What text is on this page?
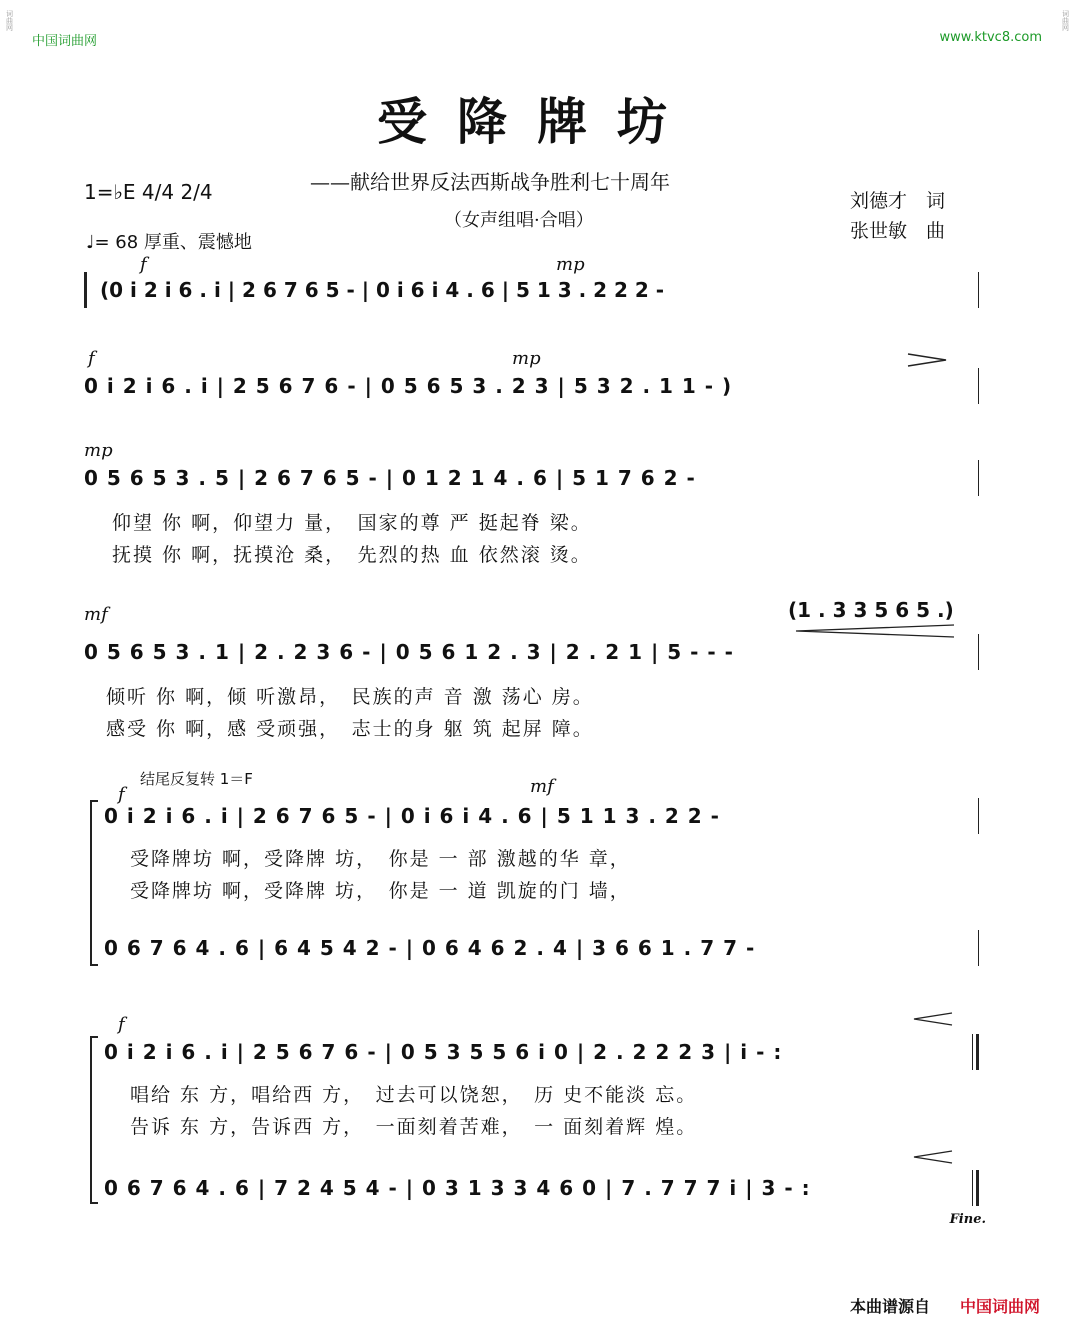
词曲网	词曲网
中国词曲网	www.ktvc8.com
受降牌坊
——献给世界反法西斯战争胜利七十周年
（女声组唱·合唱）
刘德才　词
张世敏　曲
1=♭E 4/4 2/4
♩= 68 厚重、震憾地
f	mp
(0 i 2 i 6 . i | 2 6 7 6 5 - | 0 i 6 i 4 . 6 | 5 1 3 . 2 2 2 -
f	mp
0 i 2 i 6 . i | 2 5 6 7 6 - | 0 5 6 5 3 . 2 3 | 5 3 2 . 1 1 - )
mp
0 5 6 5 3 . 5 | 2 6 7 6 5 - | 0 1 2 1 4 . 6 | 5 1 7 6 2 -
仰望 你 啊，仰望力 量，　国家的尊 严 挺起脊 梁。
抚摸 你 啊，抚摸沧 桑，　先烈的热 血 依然滚 烫。
mf	(1 . 3 3 5 6 5 .)
0 5 6 5 3 . 1 | 2 . 2 3 6 - | 0 5 6 1 2 . 3 | 2 . 2 1 | 5 - - -
倾听 你 啊，倾 听激昂，　民族的声 音 激 荡心 房。
感受 你 啊，感 受顽强，　志士的身 躯 筑 起屏 障。
结尾反复转 1＝F
f	mf
0 i 2 i 6 . i | 2 6 7 6 5 - | 0 i 6 i 4 . 6 | 5 1 1 3 . 2 2 -
受降牌坊 啊，受降牌 坊，　你是 一 部 激越的华 章，
受降牌坊 啊，受降牌 坊，　你是 一 道 凯旋的门 墙，
0 6 7 6 4 . 6 | 6 4 5 4 2 - | 0 6 4 6 2 . 4 | 3 6 6 1 . 7 7 -
f
0 i 2 i 6 . i | 2 5 6 7 6 - | 0 5 3 5 5 6 i 0 | 2 . 2 2 2 3 | i - :
唱给 东 方，唱给西 方，　过去可以饶恕，　历 史不能淡 忘。
告诉 东 方，告诉西 方，　一面刻着苦难，　一 面刻着辉 煌。
0 6 7 6 4 . 6 | 7 2 4 5 4 - | 0 3 1 3 3 4 6 0 | 7 . 7 7 7 i | 3 - :
Fine.
本曲谱源自 中国词曲网
